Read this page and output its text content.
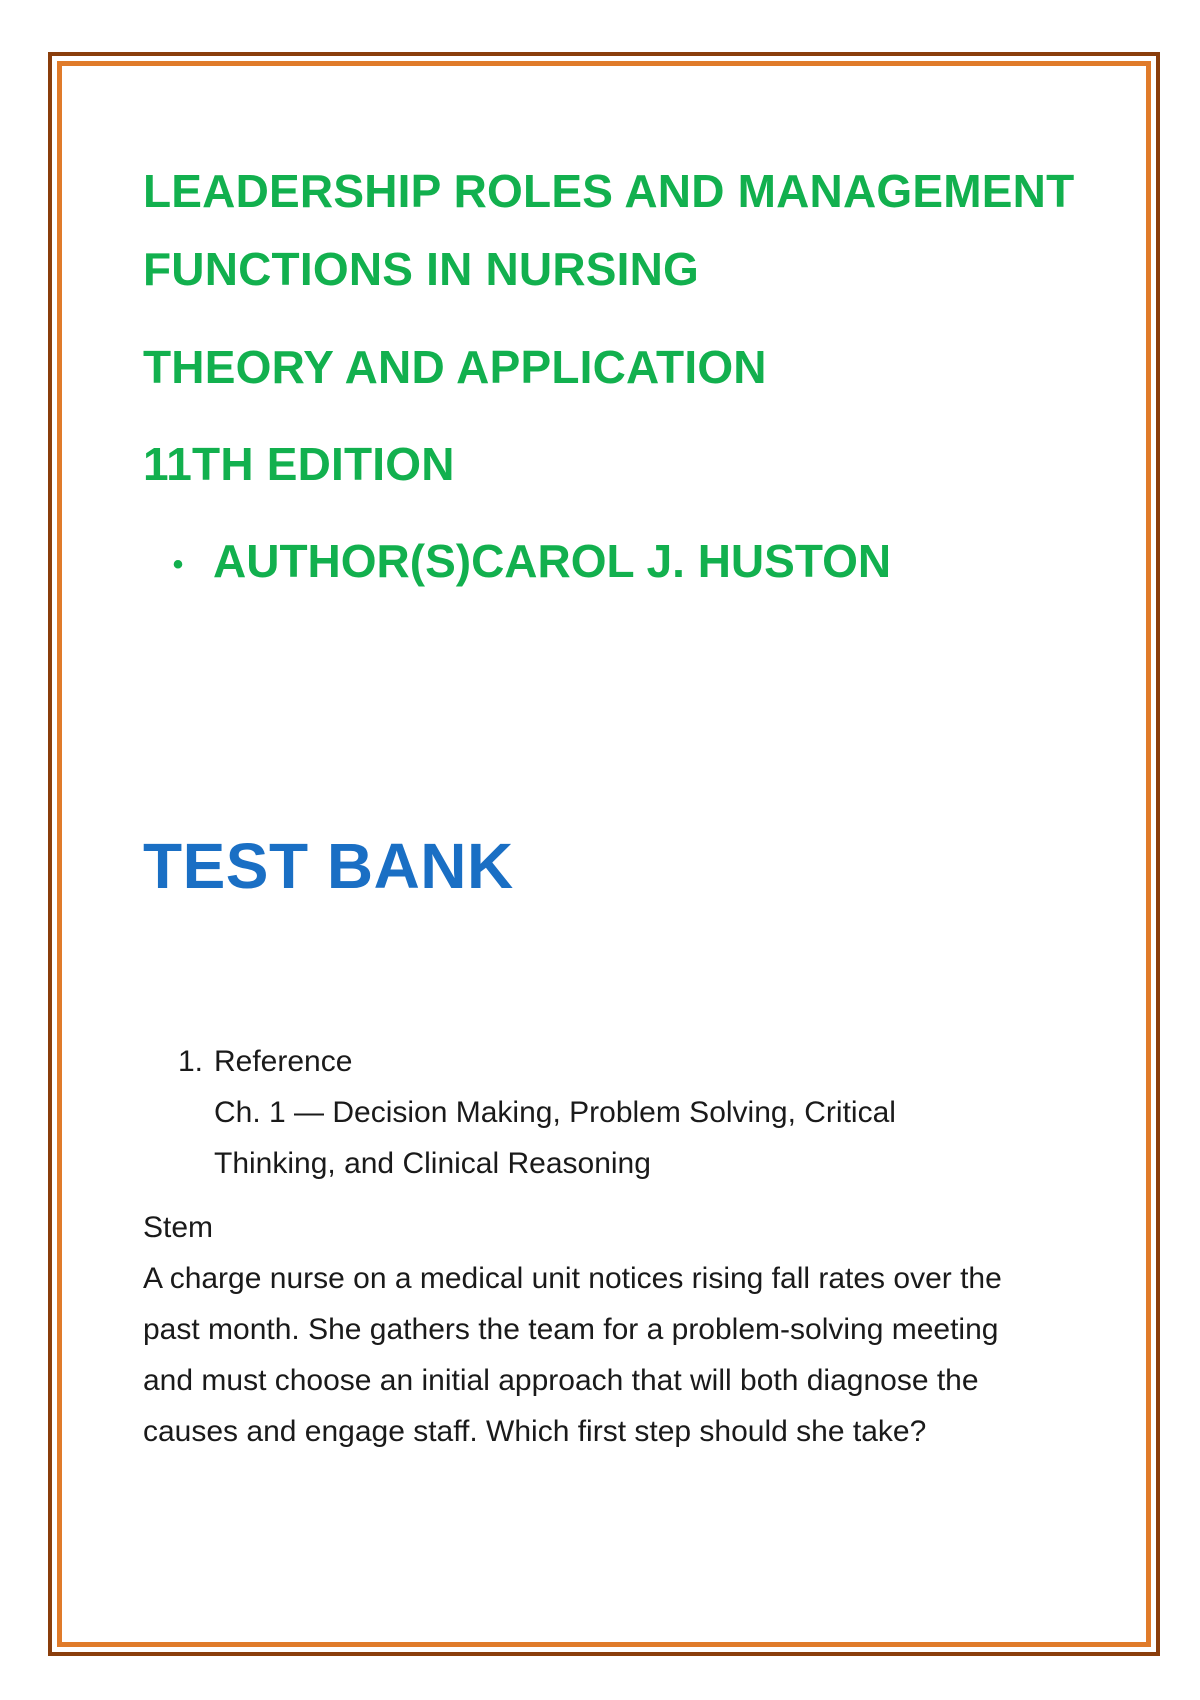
LEADERSHIP ROLES AND MANAGEMENT
FUNCTIONS IN NURSING
THEORY AND APPLICATION
11TH EDITION
• AUTHOR(S)CAROL J. HUSTON
TEST BANK
1. Reference
Ch. 1 — Decision Making, Problem Solving, Critical Thinking, and Clinical Reasoning
Stem

A charge nurse on a medical unit notices rising fall rates over the past month. She gathers the team for a problem-solving meeting and must choose an initial approach that will both diagnose the causes and engage staff. Which first step should she take?
